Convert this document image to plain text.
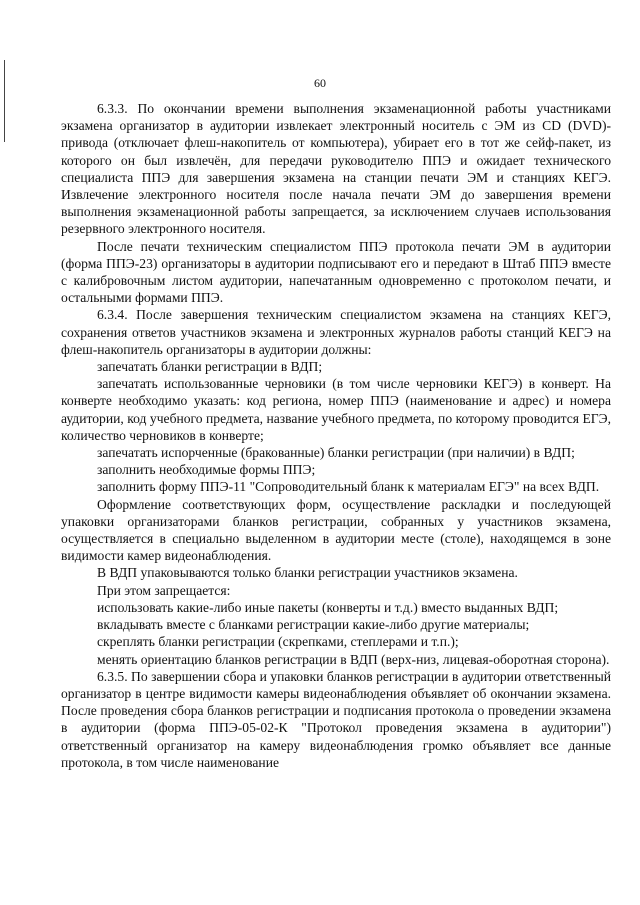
60

6.3.3. По окончании времени выполнения экзаменационной работы участниками экзамена организатор в аудитории извлекает электронный носитель с ЭМ из CD (DVD)-привода (отключает флеш-накопитель от компьютера), убирает его в тот же сейф-пакет, из которого он был извлечён, для передачи руководителю ППЭ и ожидает технического специалиста ППЭ для завершения экзамена на станции печати ЭМ и станциях КЕГЭ. Извлечение электронного носителя после начала печати ЭМ до завершения времени выполнения экзаменационной работы запрещается, за исключением случаев использования резервного электронного носителя.

После печати техническим специалистом ППЭ протокола печати ЭМ в аудитории (форма ППЭ-23) организаторы в аудитории подписывают его и передают в Штаб ППЭ вместе с калибровочным листом аудитории, напечатанным одновременно с протоколом печати, и остальными формами ППЭ.

6.3.4. После завершения техническим специалистом экзамена на станциях КЕГЭ, сохранения ответов участников экзамена и электронных журналов работы станций КЕГЭ на флеш-накопитель организаторы в аудитории должны:

запечатать бланки регистрации в ВДП;

запечатать использованные черновики (в том числе черновики КЕГЭ) в конверт. На конверте необходимо указать: код региона, номер ППЭ (наименование и адрес) и номера аудитории, код учебного предмета, название учебного предмета, по которому проводится ЕГЭ, количество черновиков в конверте;

запечатать испорченные (бракованные) бланки регистрации (при наличии) в ВДП;

заполнить необходимые формы ППЭ;

заполнить форму ППЭ-11 "Сопроводительный бланк к материалам ЕГЭ" на всех ВДП.

Оформление соответствующих форм, осуществление раскладки и последующей упаковки организаторами бланков регистрации, собранных у участников экзамена, осуществляется в специально выделенном в аудитории месте (столе), находящемся в зоне видимости камер видеонаблюдения.

В ВДП упаковываются только бланки регистрации участников экзамена.

При этом запрещается:

использовать какие-либо иные пакеты (конверты и т.д.) вместо выданных ВДП;

вкладывать вместе с бланками регистрации какие-либо другие материалы;

скреплять бланки регистрации (скрепками, степлерами и т.п.);

менять ориентацию бланков регистрации в ВДП (верх-низ, лицевая-оборотная сторона).

6.3.5. По завершении сбора и упаковки бланков регистрации в аудитории ответственный организатор в центре видимости камеры видеонаблюдения объявляет об окончании экзамена. После проведения сбора бланков регистрации и подписания протокола о проведении экзамена в аудитории (форма ППЭ-05-02-К "Протокол проведения экзамена в аудитории") ответственный организатор на камеру видеонаблюдения громко объявляет все данные протокола, в том числе наименование
